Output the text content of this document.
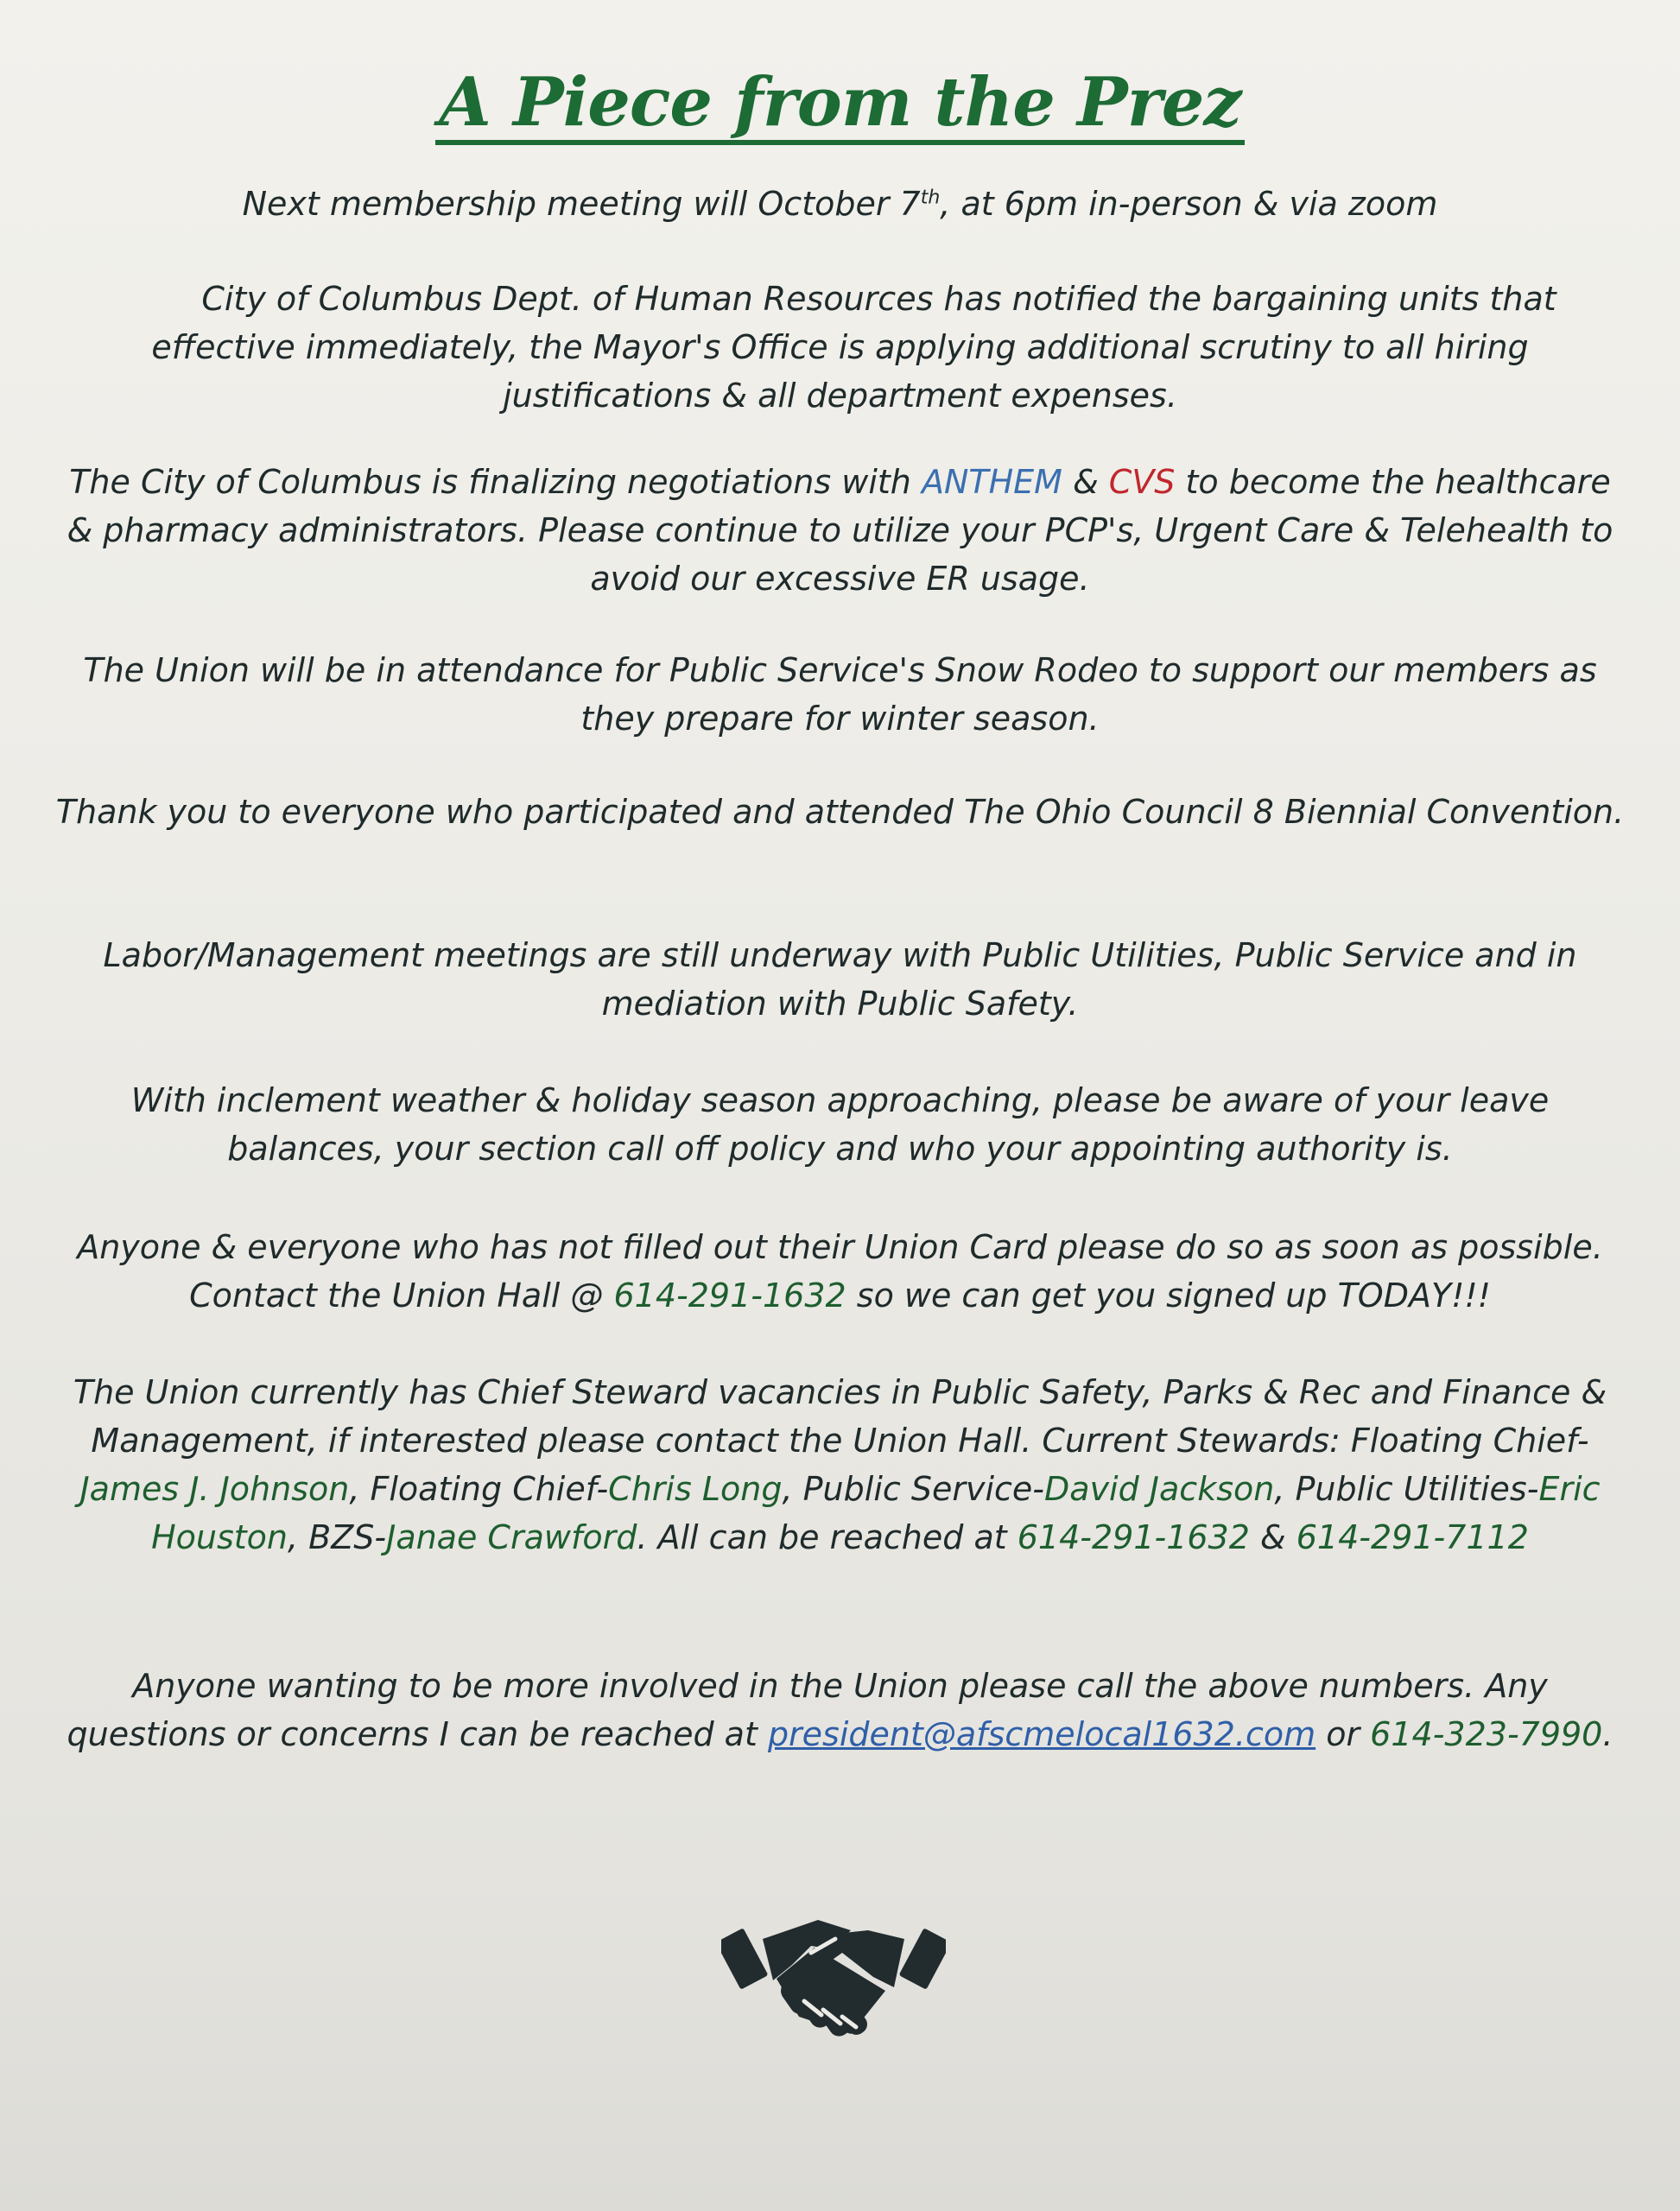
A Piece from the Prez
Next membership meeting will October 7th, at 6pm in-person & via zoom
City of Columbus Dept. of Human Resources has notified the bargaining units that effective immediately, the Mayor's Office is applying additional scrutiny to all hiring justifications & all department expenses.
The City of Columbus is finalizing negotiations with ANTHEM & CVS to become the healthcare & pharmacy administrators. Please continue to utilize your PCP's, Urgent Care & Telehealth to avoid our excessive ER usage.
The Union will be in attendance for Public Service's Snow Rodeo to support our members as they prepare for winter season.
Thank you to everyone who participated and attended The Ohio Council 8 Biennial Convention.
Labor/Management meetings are still underway with Public Utilities, Public Service and in mediation with Public Safety.
With inclement weather & holiday season approaching, please be aware of your leave balances, your section call off policy and who your appointing authority is.
Anyone & everyone who has not filled out their Union Card please do so as soon as possible. Contact the Union Hall @ 614-291-1632 so we can get you signed up TODAY!!!
The Union currently has Chief Steward vacancies in Public Safety, Parks & Rec and Finance & Management, if interested please contact the Union Hall. Current Stewards: Floating Chief-James J. Johnson, Floating Chief-Chris Long, Public Service-David Jackson, Public Utilities-Eric Houston, BZS-Janae Crawford. All can be reached at 614-291-1632 & 614-291-7112
Anyone wanting to be more involved in the Union please call the above numbers. Any questions or concerns I can be reached at president@afscmelocal1632.com or 614-323-7990.
